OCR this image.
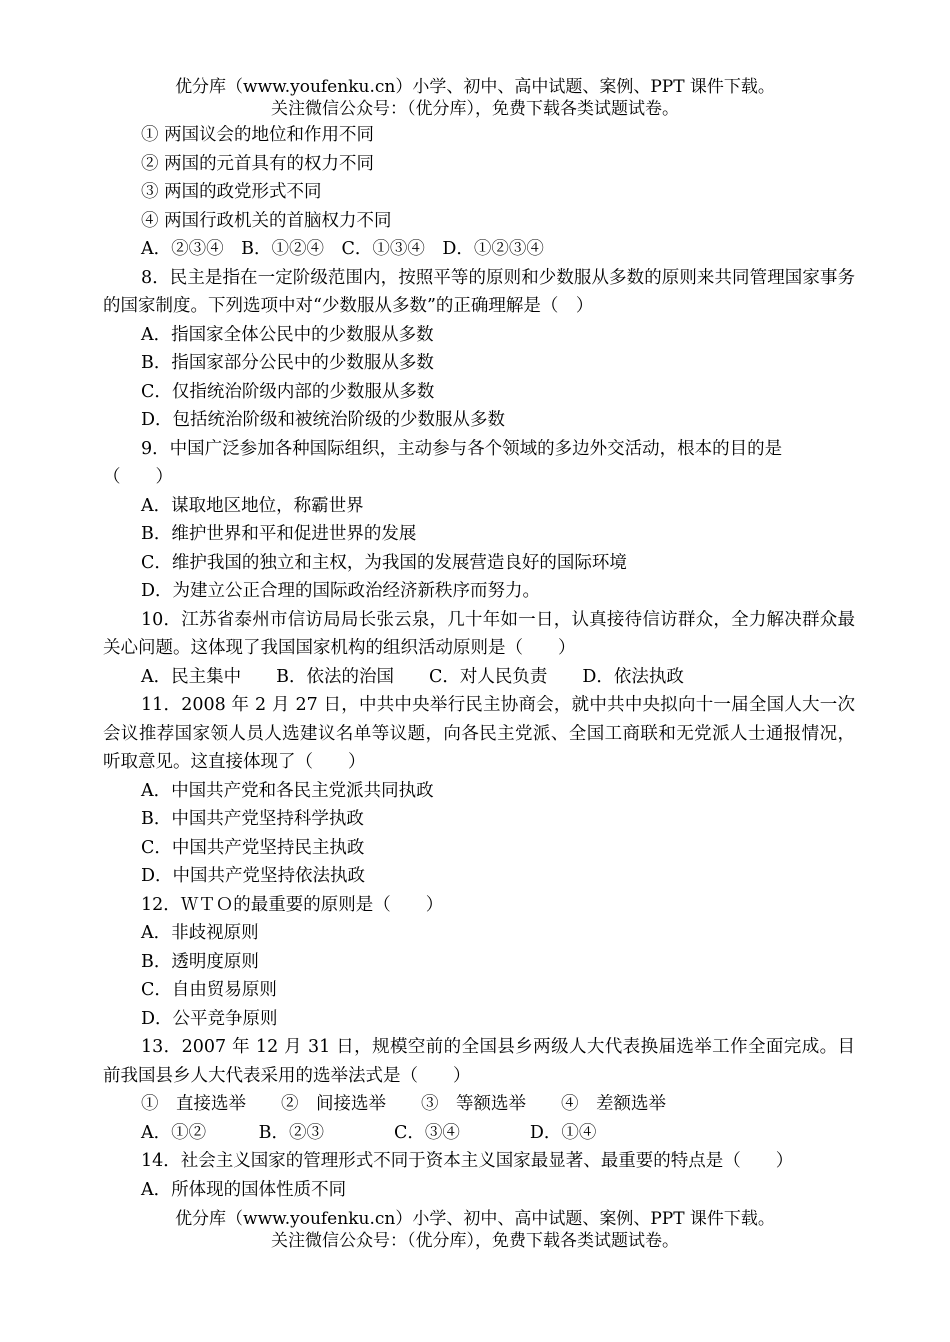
优分库（www.youfenku.cn）小学、初中、高中试题、案例、PPT 课件下载。
关注微信公众号：（优分库），免费下载各类试题试卷。
① 两国议会的地位和作用不同
② 两国的元首具有的权力不同
③ 两国的政党形式不同
④ 两国行政机关的首脑权力不同
A．②③④　B．①②④　C．①③④　D．①②③④
8．民主是指在一定阶级范围内，按照平等的原则和少数服从多数的原则来共同管理国家事务的国家制度。下列选项中对“少数服从多数”的正确理解是（　）
A．指国家全体公民中的少数服从多数
B．指国家部分公民中的少数服从多数
C．仅指统治阶级内部的少数服从多数
D．包括统治阶级和被统治阶级的少数服从多数
9．中国广泛参加各种国际组织，主动参与各个领域的多边外交活动，根本的目的是
（　　）
A．谋取地区地位，称霸世界
B．维护世界和平和促进世界的发展
C．维护我国的独立和主权，为我国的发展营造良好的国际环境
D．为建立公正合理的国际政治经济新秩序而努力。
10．江苏省泰州市信访局局长张云泉，几十年如一日，认真接待信访群众，全力解决群众最关心问题。这体现了我国国家机构的组织活动原则是（　　）
A．民主集中　　B．依法的治国　　C．对人民负责　　D．依法执政
11．2008 年 2 月 27 日，中共中央举行民主协商会，就中共中央拟向十一届全国人大一次会议推荐国家领人员人选建议名单等议题，向各民主党派、全国工商联和无党派人士通报情况，听取意见。这直接体现了（　　）
A．中国共产党和各民主党派共同执政
B．中国共产党坚持科学执政
C．中国共产党坚持民主执政
D．中国共产党坚持依法执政
12．ＷＴＯ的最重要的原则是（　　）
A．非歧视原则
B．透明度原则
C．自由贸易原则
D．公平竞争原则
13．2007 年 12 月 31 日，规模空前的全国县乡两级人大代表换届选举工作全面完成。目前我国县乡人大代表采用的选举法式是（　　）
①　直接选举　　②　间接选举　　③　等额选举　　④　差额选举
A．①②　　　B．②③　　　　C．③④　　　　D．①④
14．社会主义国家的管理形式不同于资本主义国家最显著、最重要的特点是（　　）
A．所体现的国体性质不同
优分库（www.youfenku.cn）小学、初中、高中试题、案例、PPT 课件下载。
关注微信公众号：（优分库），免费下载各类试题试卷。
